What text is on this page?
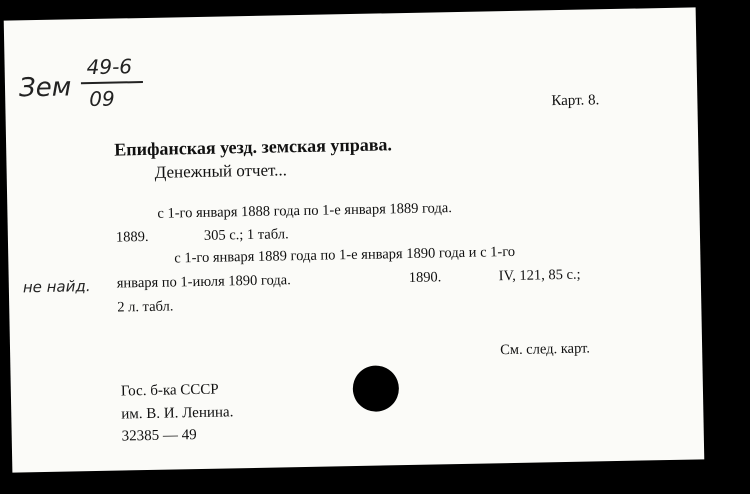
Зем
49-6
09	Карт. 8.
Епифанская уезд. земская управа.
Денежный отчет...
с 1-го января 1888 года по 1-е января 1889 года.
1889.	305 с.; 1 табл.
с 1-го января 1889 года по 1-е января 1890 года и с 1-го
не найд. января по 1-июля 1890 года.	1890.	IV, 121, 85 с.;
2 л. табл.
См. след. карт.
Гос. б-ка СССР
им. В. И. Ленина.
32385 — 49
